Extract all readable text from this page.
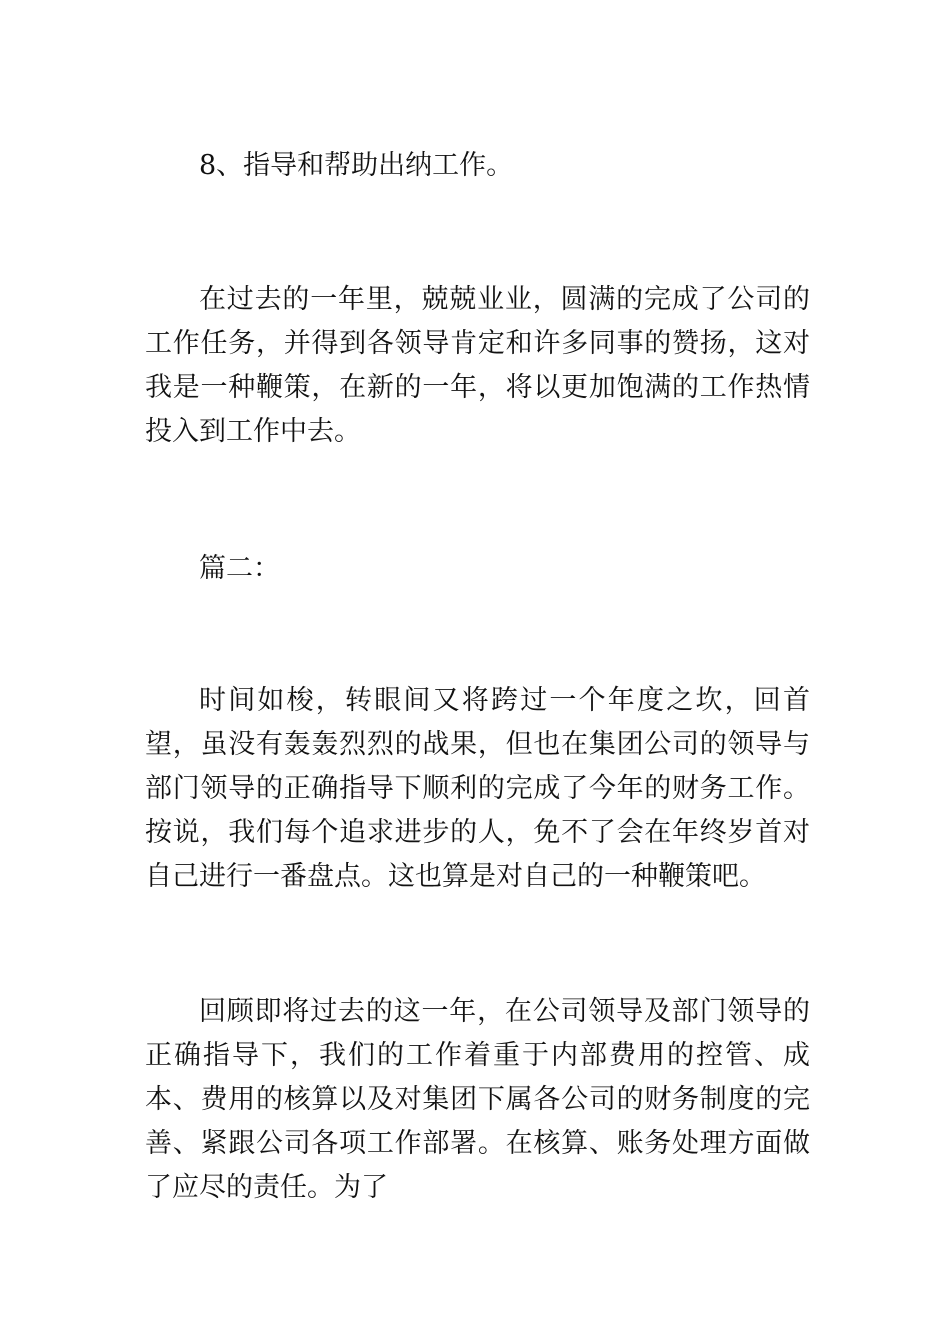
8、指导和帮助出纳工作。

在过去的一年里，兢兢业业，圆满的完成了公司的工作任务，并得到各领导肯定和许多同事的赞扬，这对我是一种鞭策，在新的一年，将以更加饱满的工作热情投入到工作中去。

篇二：

时间如梭，转眼间又将跨过一个年度之坎，回首望，虽没有轰轰烈烈的战果，但也在集团公司的领导与部门领导的正确指导下顺利的完成了今年的财务工作。按说，我们每个追求进步的人，免不了会在年终岁首对自己进行一番盘点。这也算是对自己的一种鞭策吧。

回顾即将过去的这一年，在公司领导及部门领导的正确指导下，我们的工作着重于内部费用的控管、成本、费用的核算以及对集团下属各公司的财务制度的完善、紧跟公司各项工作部署。在核算、账务处理方面做了应尽的责任。为了
